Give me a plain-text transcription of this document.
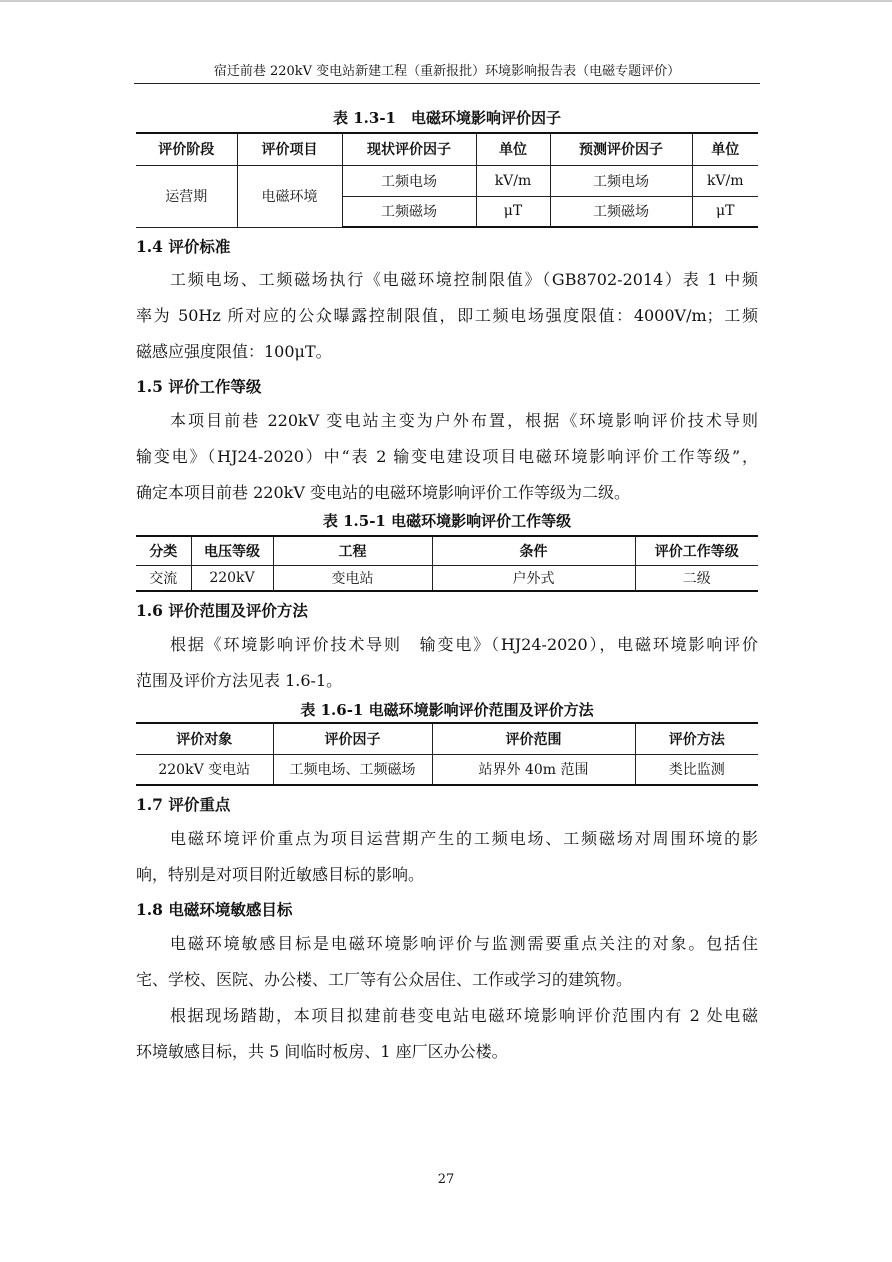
宿迁前巷 220kV 变电站新建工程（重新报批）环境影响报告表（电磁专题评价）
表 1.3-1　电磁环境影响评价因子
评价阶段	评价项目	现状评价因子	单位	预测评价因子	单位
运营期	电磁环境	工频电场	kV/m	工频电场	kV/m
		工频磁场	μT	工频磁场	μT
1.4 评价标准
工频电场、工频磁场执行《电磁环境控制限值》（GB8702-2014）表 1 中频
率为 50Hz 所对应的公众曝露控制限值，即工频电场强度限值：4000V/m；工频
磁感应强度限值：100μT。
1.5 评价工作等级
本项目前巷 220kV 变电站主变为户外布置，根据《环境影响评价技术导则
输变电》（HJ24-2020）中“表 2 输变电建设项目电磁环境影响评价工作等级”，
确定本项目前巷 220kV 变电站的电磁环境影响评价工作等级为二级。
表 1.5-1 电磁环境影响评价工作等级
分类	电压等级	工程	条件	评价工作等级
交流	220kV	变电站	户外式	二级
1.6 评价范围及评价方法
根据《环境影响评价技术导则　输变电》（HJ24-2020），电磁环境影响评价
范围及评价方法见表 1.6-1。
表 1.6-1 电磁环境影响评价范围及评价方法
评价对象	评价因子	评价范围	评价方法
220kV 变电站	工频电场、工频磁场	站界外 40m 范围	类比监测
1.7 评价重点
电磁环境评价重点为项目运营期产生的工频电场、工频磁场对周围环境的影
响，特别是对项目附近敏感目标的影响。
1.8 电磁环境敏感目标
电磁环境敏感目标是电磁环境影响评价与监测需要重点关注的对象。包括住
宅、学校、医院、办公楼、工厂等有公众居住、工作或学习的建筑物。
根据现场踏勘，本项目拟建前巷变电站电磁环境影响评价范围内有 2 处电磁
环境敏感目标，共 5 间临时板房、1 座厂区办公楼。
27
